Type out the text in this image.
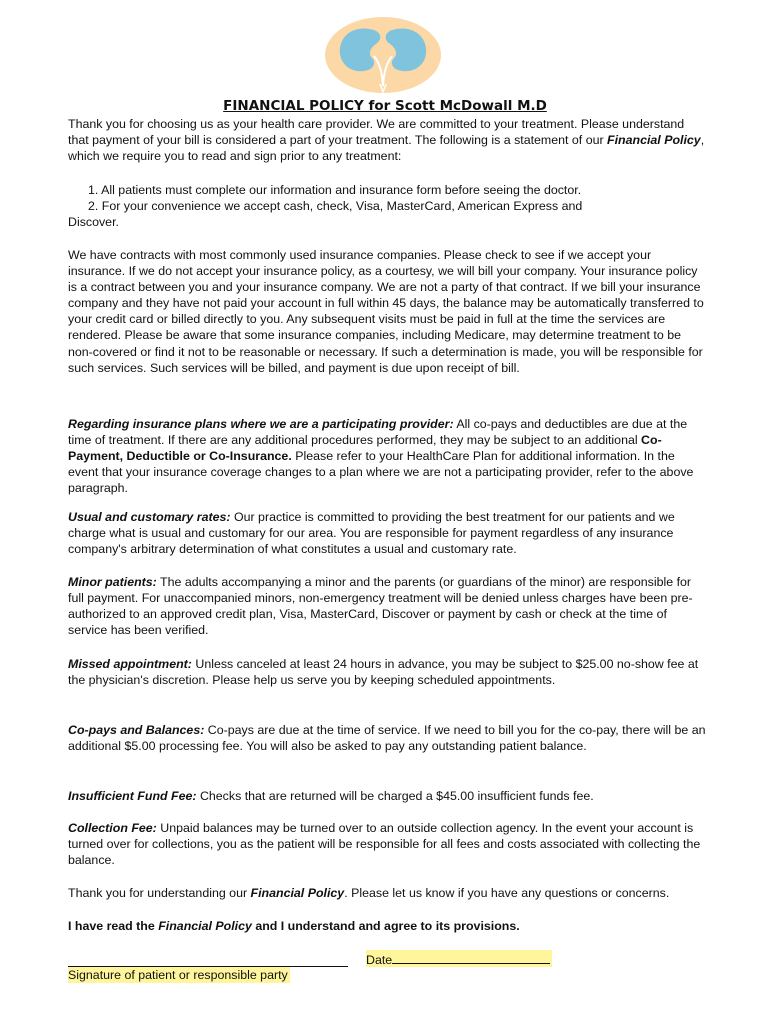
FINANCIAL POLICY for Scott McDowall M.D

Thank you for choosing us as your health care provider. We are committed to your treatment. Please understand that payment of your bill is considered a part of your treatment. The following is a statement of our Financial Policy, which we require you to read and sign prior to any treatment:

1. All patients must complete our information and insurance form before seeing the doctor.
2. For your convenience we accept cash, check, Visa, MasterCard, American Express and
Discover.

We have contracts with most commonly used insurance companies. Please check to see if we accept your insurance. If we do not accept your insurance policy, as a courtesy, we will bill your company. Your insurance policy is a contract between you and your insurance company. We are not a party of that contract. If we bill your insurance company and they have not paid your account in full within 45 days, the balance may be automatically transferred to your credit card or billed directly to you. Any subsequent visits must be paid in full at the time the services are rendered. Please be aware that some insurance companies, including Medicare, may determine treatment to be non-covered or find it not to be reasonable or necessary. If such a determination is made, you will be responsible for such services. Such services will be billed, and payment is due upon receipt of bill.

Regarding insurance plans where we are a participating provider: All co-pays and deductibles are due at the time of treatment. If there are any additional procedures performed, they may be subject to an additional Co-Payment, Deductible or Co-Insurance. Please refer to your HealthCare Plan for additional information. In the event that your insurance coverage changes to a plan where we are not a participating provider, refer to the above paragraph.

Usual and customary rates: Our practice is committed to providing the best treatment for our patients and we charge what is usual and customary for our area. You are responsible for payment regardless of any insurance company's arbitrary determination of what constitutes a usual and customary rate.

Minor patients: The adults accompanying a minor and the parents (or guardians of the minor) are responsible for full payment. For unaccompanied minors, non-emergency treatment will be denied unless charges have been pre-authorized to an approved credit plan, Visa, MasterCard, Discover or payment by cash or check at the time of service has been verified.

Missed appointment: Unless canceled at least 24 hours in advance, you may be subject to $25.00 no-show fee at the physician's discretion. Please help us serve you by keeping scheduled appointments.

Co-pays and Balances: Co-pays are due at the time of service. If we need to bill you for the co-pay, there will be an additional $5.00 processing fee. You will also be asked to pay any outstanding patient balance.

Insufficient Fund Fee: Checks that are returned will be charged a $45.00 insufficient funds fee.

Collection Fee: Unpaid balances may be turned over to an outside collection agency. In the event your account is turned over for collections, you as the patient will be responsible for all fees and costs associated with collecting the balance.

Thank you for understanding our Financial Policy. Please let us know if you have any questions or concerns.

I have read the Financial Policy and I understand and agree to its provisions.

Date
Signature of patient or responsible party
